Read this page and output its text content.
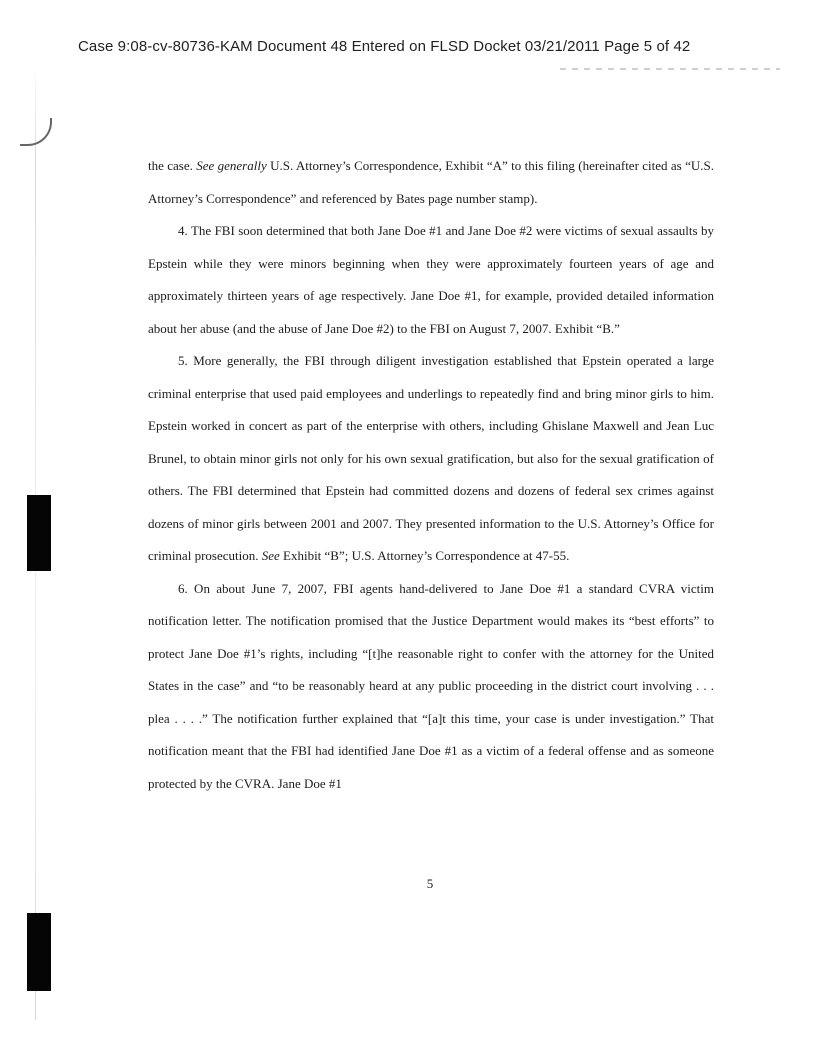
Case 9:08-cv-80736-KAM Document 48 Entered on FLSD Docket 03/21/2011 Page 5 of 42

the case. See generally U.S. Attorney’s Correspondence, Exhibit “A” to this filing (hereinafter cited as “U.S. Attorney’s Correspondence” and referenced by Bates page number stamp).

4. The FBI soon determined that both Jane Doe #1 and Jane Doe #2 were victims of sexual assaults by Epstein while they were minors beginning when they were approximately fourteen years of age and approximately thirteen years of age respectively. Jane Doe #1, for example, provided detailed information about her abuse (and the abuse of Jane Doe #2) to the FBI on August 7, 2007. Exhibit “B.”

5. More generally, the FBI through diligent investigation established that Epstein operated a large criminal enterprise that used paid employees and underlings to repeatedly find and bring minor girls to him. Epstein worked in concert as part of the enterprise with others, including Ghislane Maxwell and Jean Luc Brunel, to obtain minor girls not only for his own sexual gratification, but also for the sexual gratification of others. The FBI determined that Epstein had committed dozens and dozens of federal sex crimes against dozens of minor girls between 2001 and 2007. They presented information to the U.S. Attorney’s Office for criminal prosecution. See Exhibit “B”; U.S. Attorney’s Correspondence at 47-55.

6. On about June 7, 2007, FBI agents hand-delivered to Jane Doe #1 a standard CVRA victim notification letter. The notification promised that the Justice Department would makes its “best efforts” to protect Jane Doe #1’s rights, including “[t]he reasonable right to confer with the attorney for the United States in the case” and “to be reasonably heard at any public proceeding in the district court involving . . . plea . . . .” The notification further explained that “[a]t this time, your case is under investigation.” That notification meant that the FBI had identified Jane Doe #1 as a victim of a federal offense and as someone protected by the CVRA. Jane Doe #1

5
